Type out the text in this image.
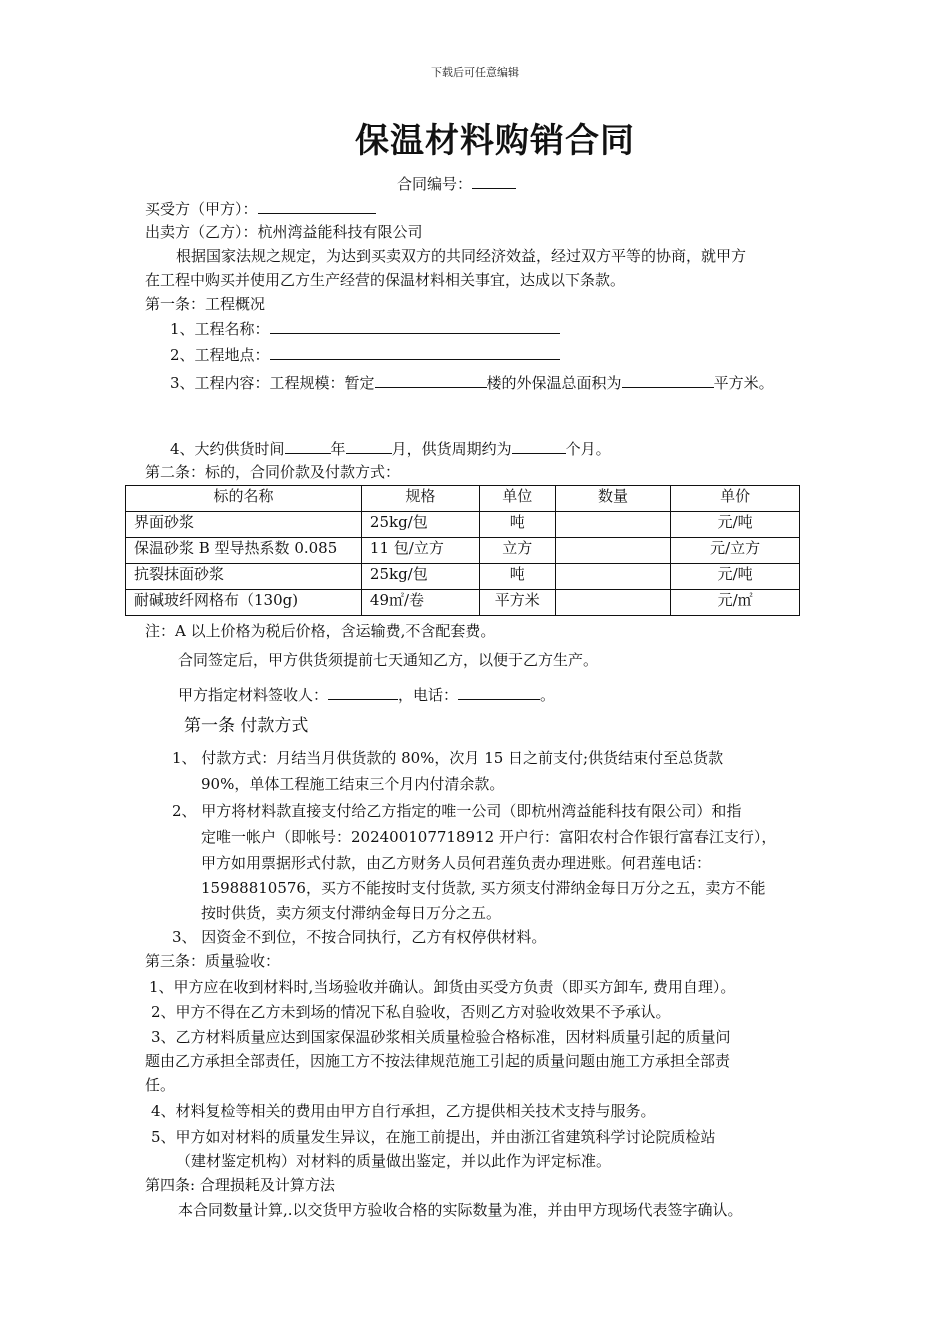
下载后可任意编辑
保温材料购销合同
合同编号：
买受方（甲方）：
出卖方（乙方）：杭州湾益能科技有限公司
根据国家法规之规定，为达到买卖双方的共同经济效益，经过双方平等的协商，就甲方
在工程中购买并使用乙方生产经营的保温材料相关事宜，达成以下条款。
第一条：工程概况
1、工程名称：
2、工程地点：
3、工程内容：工程规模：暂定	楼的外保温总面积为	平方米。
4、大约供货时间	年	月，供货周期约为	个月。
第二条：标的，合同价款及付款方式：
标的名称	规格	单位	数量	单价
界面砂浆	25kg/包	吨		元/吨
保温砂浆 B 型导热系数 0.085	11 包/立方	立方		元/立方
抗裂抹面砂浆	25kg/包	吨		元/吨
耐碱玻纤网格布（130g)	49㎡/卷	平方米		元/㎡
注：A 以上价格为税后价格，含运输费,不含配套费。
合同签定后，甲方供货须提前七天通知乙方，以便于乙方生产。
甲方指定材料签收人：	，电话：	。
第一条 付款方式
1、 付款方式：月结当月供货款的 80%，次月 15 日之前支付;供货结束付至总货款
90%，单体工程施工结束三个月内付清余款。
2、 甲方将材料款直接支付给乙方指定的唯一公司（即杭州湾益能科技有限公司）和指
定唯一帐户（即帐号：202400107718912 开户行：富阳农村合作银行富春江支行），
甲方如用票据形式付款，由乙方财务人员何君莲负责办理进账。何君莲电话：
15988810576，买方不能按时支付货款, 买方须支付滞纳金每日万分之五，卖方不能
按时供货，卖方须支付滞纳金每日万分之五。
3、 因资金不到位，不按合同执行，乙方有权停供材料。
第三条：质量验收：
1、甲方应在收到材料时,当场验收并确认。卸货由买受方负责（即买方卸车, 费用自理）。
2、甲方不得在乙方未到场的情况下私自验收，否则乙方对验收效果不予承认。
3、乙方材料质量应达到国家保温砂浆相关质量检验合格标准，因材料质量引起的质量问
题由乙方承担全部责任，因施工方不按法律规范施工引起的质量问题由施工方承担全部责
任。
4、材料复检等相关的费用由甲方自行承担，乙方提供相关技术支持与服务。
5、甲方如对材料的质量发生异议，在施工前提出，并由浙江省建筑科学讨论院质检站
（建材鉴定机构）对材料的质量做出鉴定，并以此作为评定标准。
第四条: 合理损耗及计算方法
本合同数量计算,.以交货甲方验收合格的实际数量为准，并由甲方现场代表签字确认。
